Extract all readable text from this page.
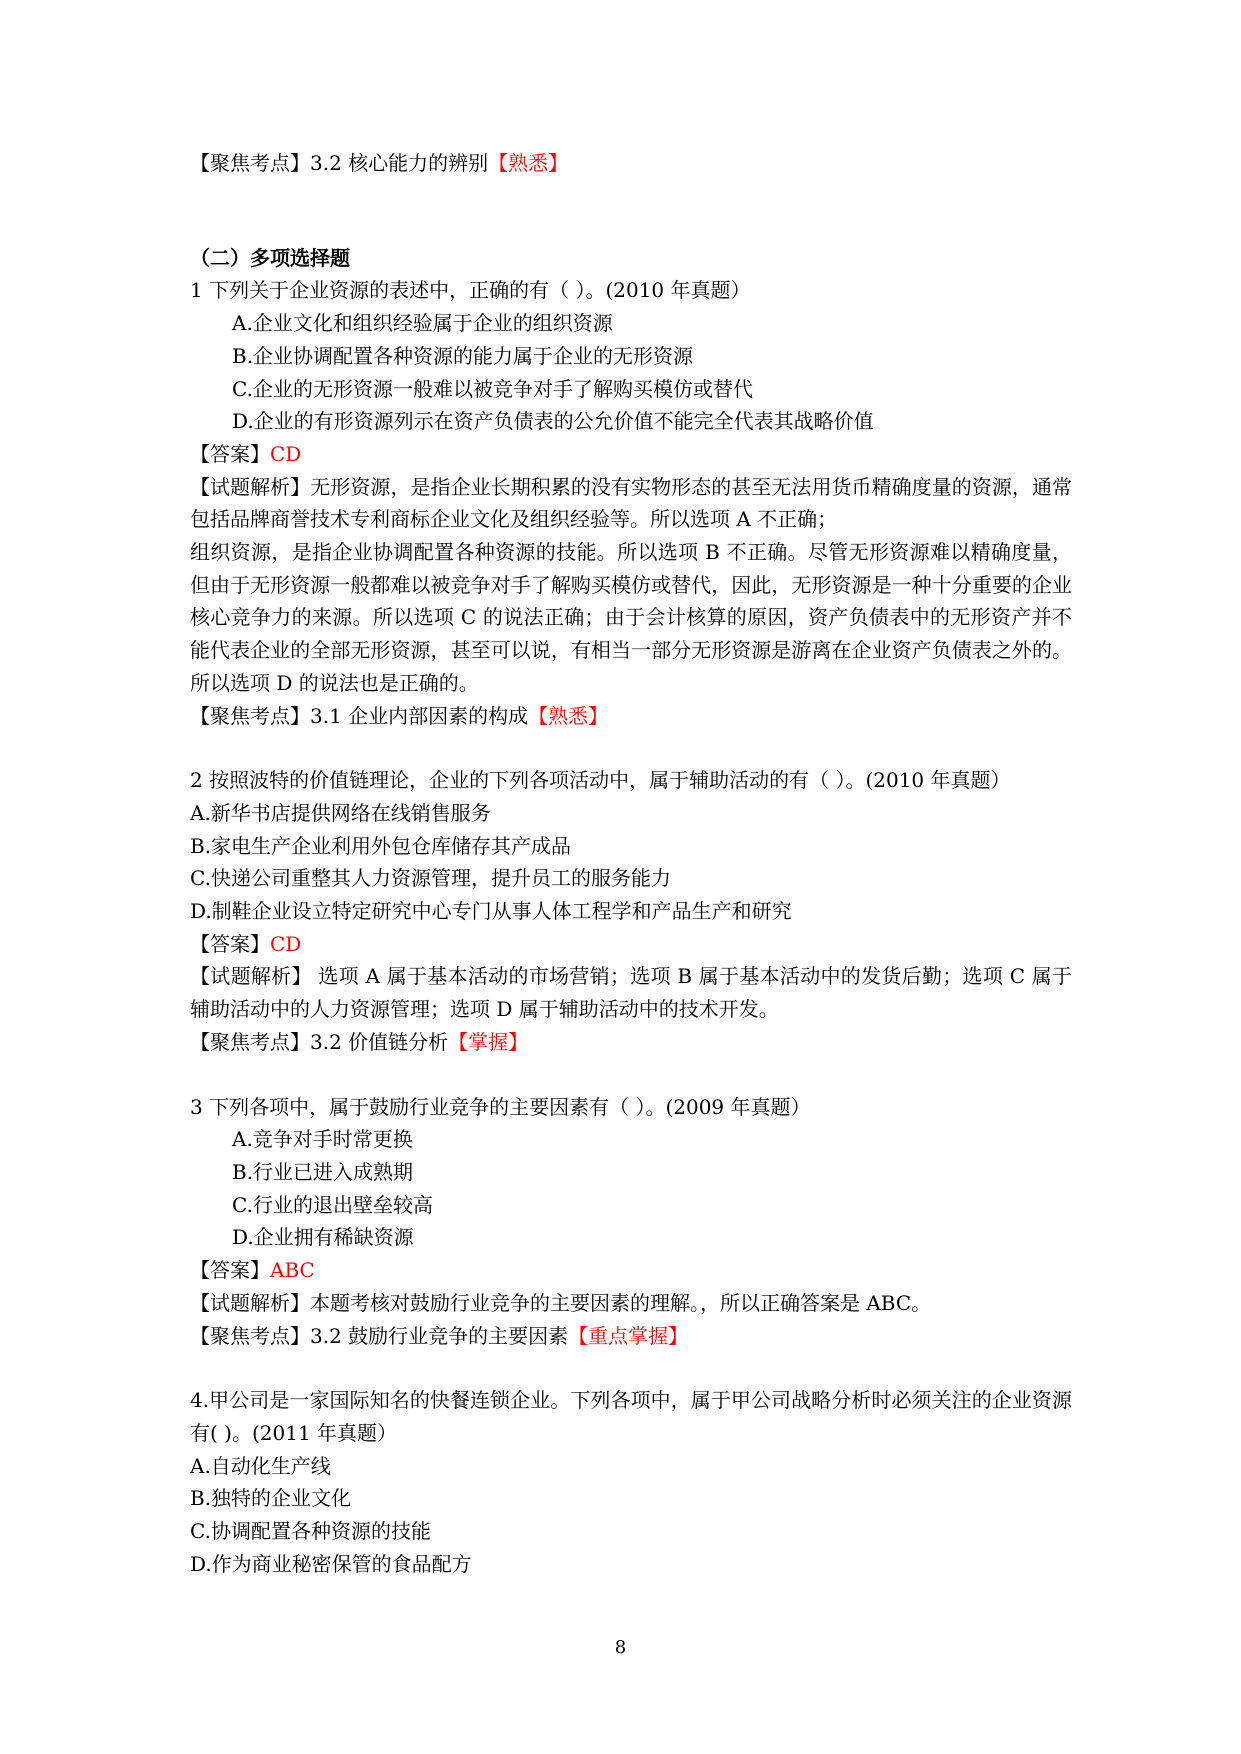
【聚焦考点】3.2 核心能力的辨别【熟悉】
（二）多项选择题
1 下列关于企业资源的表述中，正确的有（ ）。(2010 年真题）
A.企业文化和组织经验属于企业的组织资源
B.企业协调配置各种资源的能力属于企业的无形资源
C.企业的无形资源一般难以被竞争对手了解购买模仿或替代
D.企业的有形资源列示在资产负债表的公允价值不能完全代表其战略价值
【答案】CD
【试题解析】无形资源，是指企业长期积累的没有实物形态的甚至无法用货币精确度量的资源，通常包括品牌商誉技术专利商标企业文化及组织经验等。所以选项 A 不正确；
组织资源，是指企业协调配置各种资源的技能。所以选项 B 不正确。尽管无形资源难以精确度量，但由于无形资源一般都难以被竞争对手了解购买模仿或替代，因此，无形资源是一种十分重要的企业核心竞争力的来源。所以选项 C 的说法正确；由于会计核算的原因，资产负债表中的无形资产并不能代表企业的全部无形资源，甚至可以说，有相当一部分无形资源是游离在企业资产负债表之外的。所以选项 D 的说法也是正确的。
【聚焦考点】3.1 企业内部因素的构成【熟悉】
2 按照波特的价值链理论，企业的下列各项活动中，属于辅助活动的有（ ）。(2010 年真题）
A.新华书店提供网络在线销售服务
B.家电生产企业利用外包仓库储存其产成品
C.快递公司重整其人力资源管理，提升员工的服务能力
D.制鞋企业设立特定研究中心专门从事人体工程学和产品生产和研究
【答案】CD
【试题解析】 选项 A 属于基本活动的市场营销；选项 B 属于基本活动中的发货后勤；选项 C 属于辅助活动中的人力资源管理；选项 D 属于辅助活动中的技术开发。
【聚焦考点】3.2 价值链分析【掌握】
3 下列各项中，属于鼓励行业竞争的主要因素有（ ）。(2009 年真题）
A.竞争对手时常更换
B.行业已进入成熟期
C.行业的退出壁垒较高
D.企业拥有稀缺资源
【答案】ABC
【试题解析】本题考核对鼓励行业竞争的主要因素的理解。，所以正确答案是 ABC。
【聚焦考点】3.2 鼓励行业竞争的主要因素【重点掌握】
4.甲公司是一家国际知名的快餐连锁企业。下列各项中，属于甲公司战略分析时必须关注的企业资源有( )。(2011 年真题）
A.自动化生产线
B.独特的企业文化
C.协调配置各种资源的技能
D.作为商业秘密保管的食品配方
8
